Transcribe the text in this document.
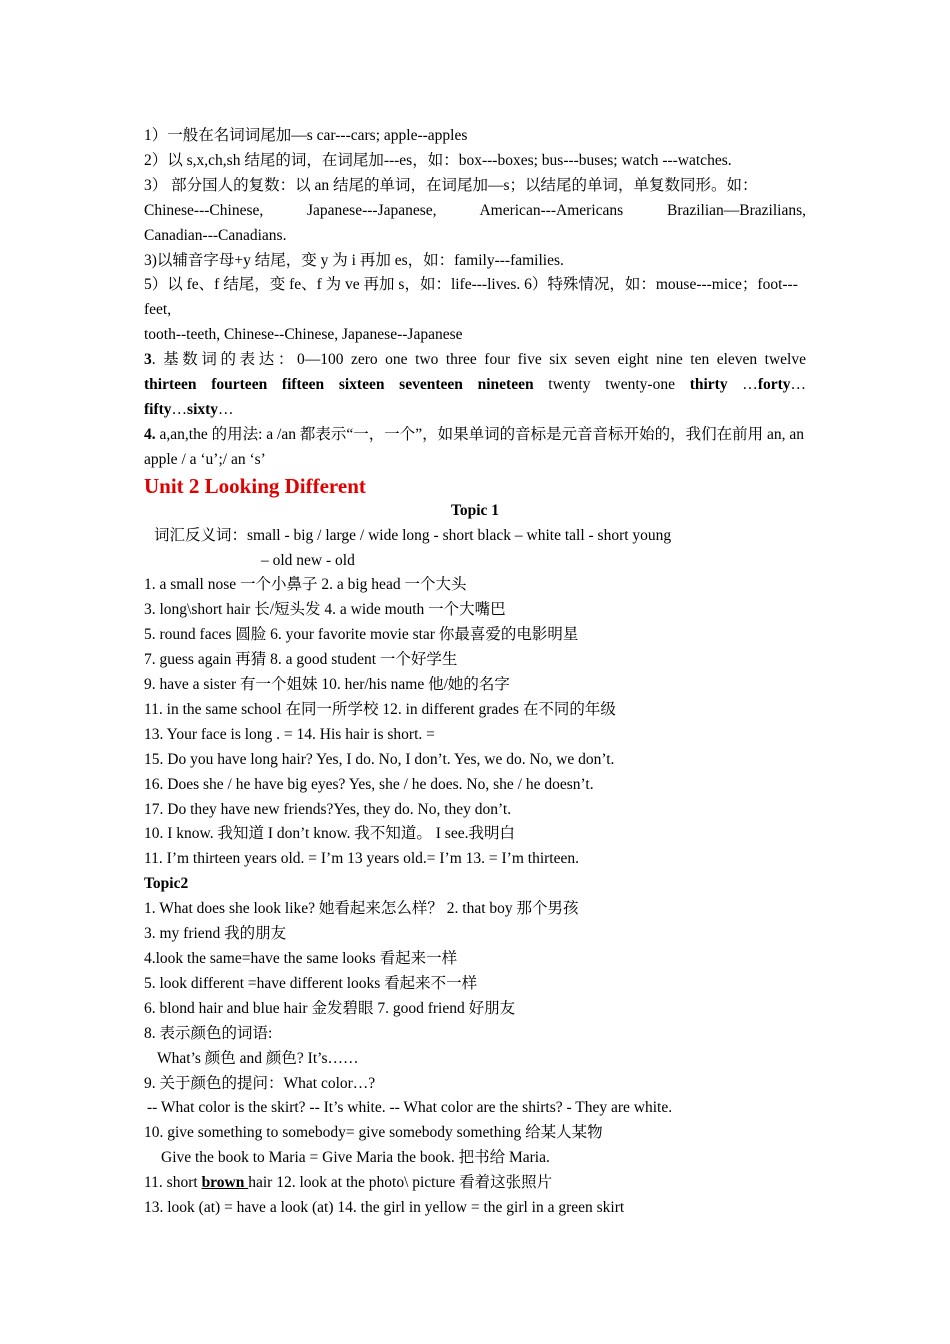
1）一般在名词词尾加—s car---cars; apple--apples
2）以 s,x,ch,sh 结尾的词，在词尾加---es，如：box---boxes; bus---buses; watch ---watches.
3） 部分国人的复数：以 an 结尾的单词，在词尾加—s；以结尾的单词，单复数同形。如：
Chinese---Chinese, Japanese---Japanese, American---Americans Brazilian—Brazilians,
Canadian---Canadians.
3)以辅音字母+y 结尾，变 y 为 i 再加 es，如：family---families.
5）以 fe、f 结尾，变 fe、f 为 ve 再加 s，如：life---lives. 6）特殊情况，如：mouse---mice；foot---
feet,
tooth--teeth, Chinese--Chinese, Japanese--Japanese
3. 基数词的表达：0—100 zero one two three four five six seven eight nine ten eleven twelve
thirteen fourteen fifteen sixteen seventeen nineteen twenty twenty-one thirty …forty…
fifty…sixty…
4. a,an,the 的用法: a /an 都表示“一，一个”，如果单词的音标是元音音标开始的，我们在前用 an, an apple / a ‘u’;/ an ‘s’
Unit 2 Looking Different
Topic 1
词汇反义词：small - big / large / wide long - short black – white tall - short young
– old new - old
1. a small nose 一个小鼻子 2. a big head 一个大头
3. long\short hair 长/短头发 4. a wide mouth 一个大嘴巴
5. round faces 圆脸 6. your favorite movie star 你最喜爱的电影明星
7. guess again 再猜 8. a good student 一个好学生
9. have a sister 有一个姐妹 10. her/his name 他/她的名字
11. in the same school 在同一所学校 12. in different grades 在不同的年级
13. Your face is long . = 14. His hair is short. =
15. Do you have long hair? Yes, I do. No, I don’t. Yes, we do. No, we don’t.
16. Does she / he have big eyes? Yes, she / he does. No, she / he doesn’t.
17. Do they have new friends?Yes, they do. No, they don’t.
10. I know. 我知道 I don’t know. 我不知道。 I see.我明白
11. I’m thirteen years old. = I’m 13 years old.= I’m 13. = I’m thirteen.
Topic2
1. What does she look like? 她看起来怎么样？ 2. that boy 那个男孩
3. my friend 我的朋友
4.look the same=have the same looks 看起来一样
5. look different =have different looks 看起来不一样
6. blond hair and blue hair 金发碧眼 7. good friend 好朋友
8. 表示颜色的词语:
What’s 颜色 and 颜色? It’s……
9. 关于颜色的提问：What color…?
-- What color is the skirt? -- It’s white. -- What color are the shirts? - They are white.
10. give something to somebody= give somebody something 给某人某物
Give the book to Maria = Give Maria the book. 把书给 Maria.
11. short brown hair 12. look at the photo\ picture 看着这张照片
13. look (at) = have a look (at) 14. the girl in yellow = the girl in a green skirt
